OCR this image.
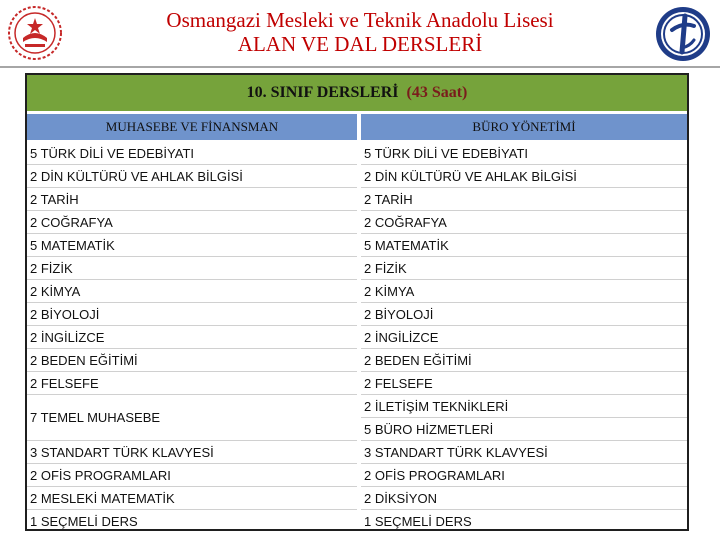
Osmangazi Mesleki ve Teknik Anadolu Lisesi
ALAN VE DAL DERSLERİ
10. SINIF DERSLERİ (43 Saat)
MUHASEBE VE FİNANSMAN	BÜRO YÖNETİMİ
5 TÜRK DİLİ VE EDEBİYATI
2 DİN KÜLTÜRÜ VE AHLAK BİLGİSİ
2 TARİH
2 COĞRAFYA
5 MATEMATİK
2 FİZİK
2 KİMYA
2 BİYOLOJİ
2 İNGİLİZCE
2 BEDEN EĞİTİMİ
2 FELSEFE
7 TEMEL MUHASEBE
3 STANDART TÜRK KLAVYESİ
2 OFİS PROGRAMLARI
2 MESLEKİ MATEMATİK
1 SEÇMELİ DERS
5 TÜRK DİLİ VE EDEBİYATI
2 DİN KÜLTÜRÜ VE AHLAK BİLGİSİ
2 TARİH
2 COĞRAFYA
5 MATEMATİK
2 FİZİK
2 KİMYA
2 BİYOLOJİ
2 İNGİLİZCE
2 BEDEN EĞİTİMİ
2 FELSEFE
2 İLETİŞİM TEKNİKLERİ
5 BÜRO HİZMETLERİ
3 STANDART TÜRK KLAVYESİ
2 OFİS PROGRAMLARI
2 DİKSİYON
1 SEÇMELİ DERS
